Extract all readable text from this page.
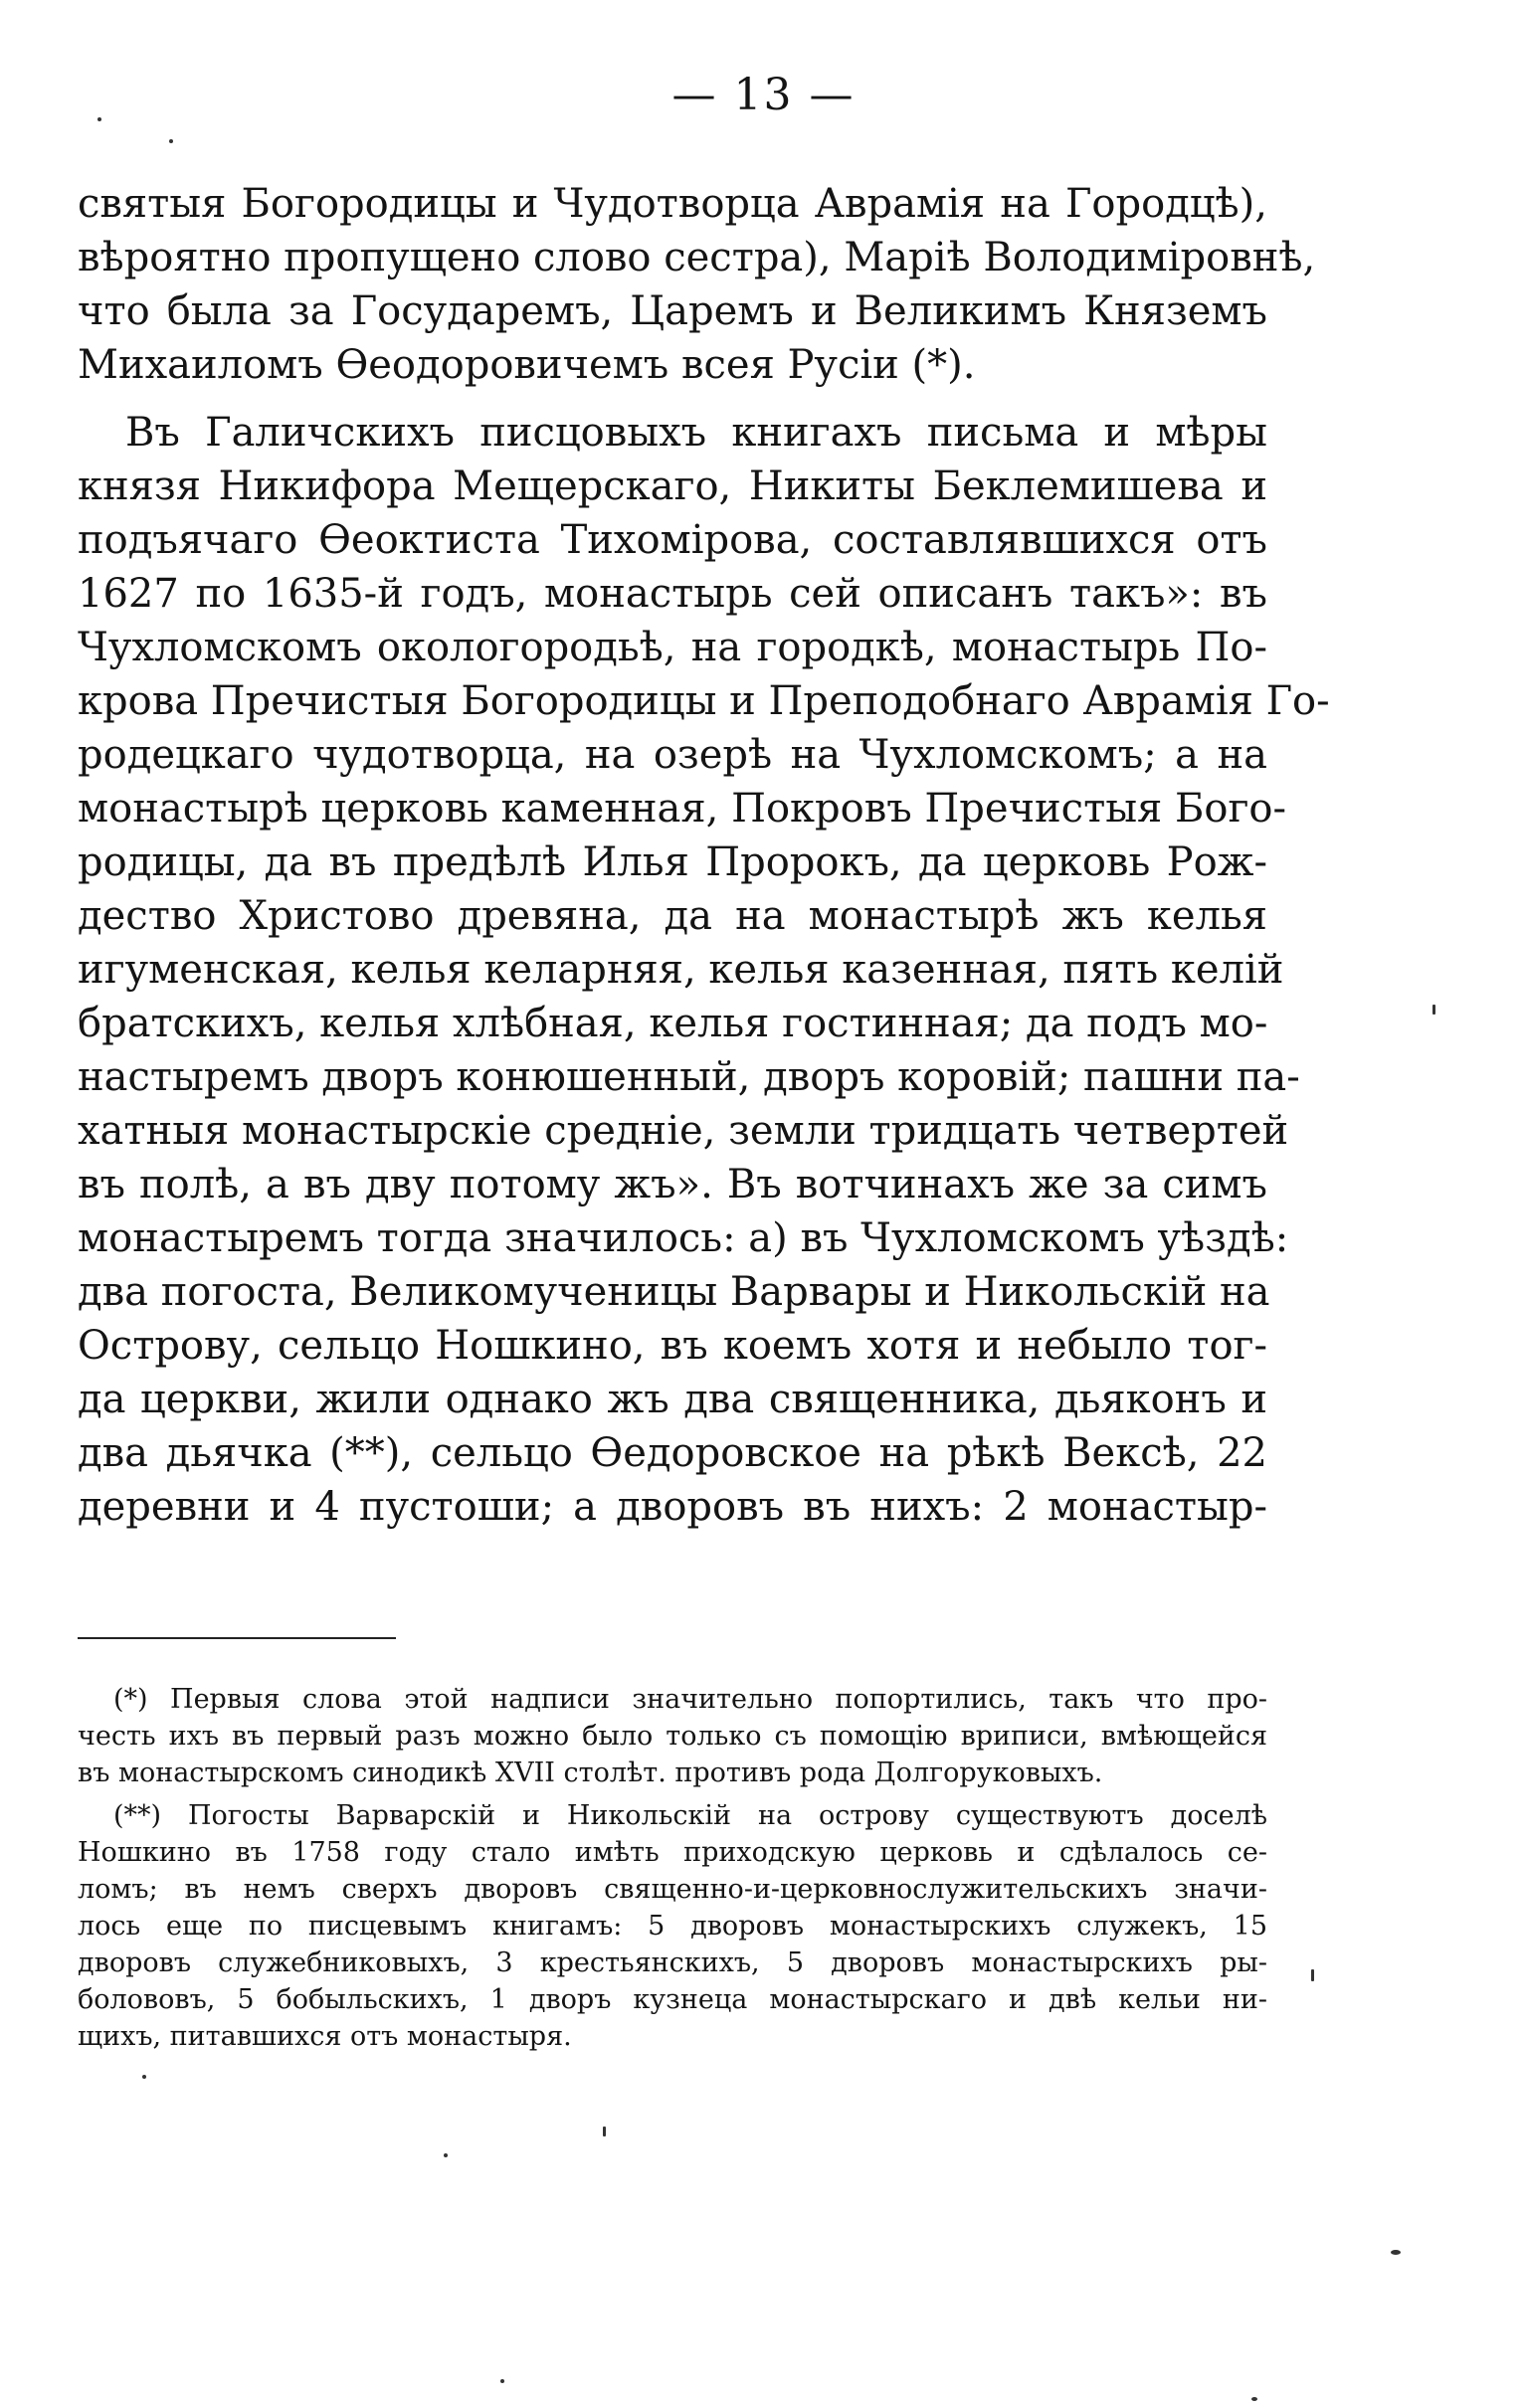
— 13 —
святыя Богородицы и Чудотворца Аврамія на Городцѣ),
вѣроятно пропущено слово сестра), Маріѣ Володиміровнѣ,
что была за Государемъ, Царемъ и Великимъ Княземъ
Михаиломъ Ѳеодоровичемъ всея Русіи (*).
Въ Галичскихъ писцовыхъ книгахъ письма и мѣры
князя Никифора Мещерскаго, Никиты Беклемишева и
подъячаго Ѳеоктиста Тихомірова, составлявшихся отъ
1627 по 1635-й годъ, монастырь сей описанъ такъ»: въ
Чухломскомъ окологородьѣ, на городкѣ, монастырь По-
крова Пречистыя Богородицы и Преподобнаго Аврамія Го-
родецкаго чудотворца, на озерѣ на Чухломскомъ; а на
монастырѣ церковь каменная, Покровъ Пречистыя Бого-
родицы, да въ предѣлѣ Илья Пророкъ, да церковь Рож-
дество Христово древяна, да на монастырѣ жъ келья
игуменская, келья келарняя, келья казенная, пять келій
братскихъ, келья хлѣбная, келья гостинная; да подъ мо-
настыремъ дворъ конюшенный, дворъ коровій; пашни па-
хатныя монастырскіе средніе, земли тридцать четвертей
въ полѣ, а въ дву потому жъ». Въ вотчинахъ же за симъ
монастыремъ тогда значилось: а) въ Чухломскомъ уѣздѣ:
два погоста, Великомученицы Варвары и Никольскій на
Острову, сельцо Ношкино, въ коемъ хотя и небыло тог-
да церкви, жили однако жъ два священника, дьяконъ и
два дьячка (**), сельцо Ѳедоровское на рѣкѣ Вексѣ, 22
деревни и 4 пустоши; а дворовъ въ нихъ: 2 монастыр-
(*) Первыя слова этой надписи значительно попортились, такъ что про-
честь ихъ въ первый разъ можно было только съ помощію вриписи, вмѣющейся
въ монастырскомъ синодикѣ XVII столѣт. противъ рода Долгоруковыхъ.
(**) Погосты Варварскій и Никольскій на острову существуютъ доселѣ
Ношкино въ 1758 году стало имѣть приходскую церковь и сдѣлалось се-
ломъ; въ немъ сверхъ дворовъ священно-и-церковнослужительскихъ значи-
лось еще по писцевымъ книгамъ: 5 дворовъ монастырскихъ служекъ, 15
дворовъ служебниковыхъ, 3 крестьянскихъ, 5 дворовъ монастырскихъ ры-
болововъ, 5 бобыльскихъ, 1 дворъ кузнеца монастырскаго и двѣ кельи ни-
щихъ, питавшихся отъ монастыря.
